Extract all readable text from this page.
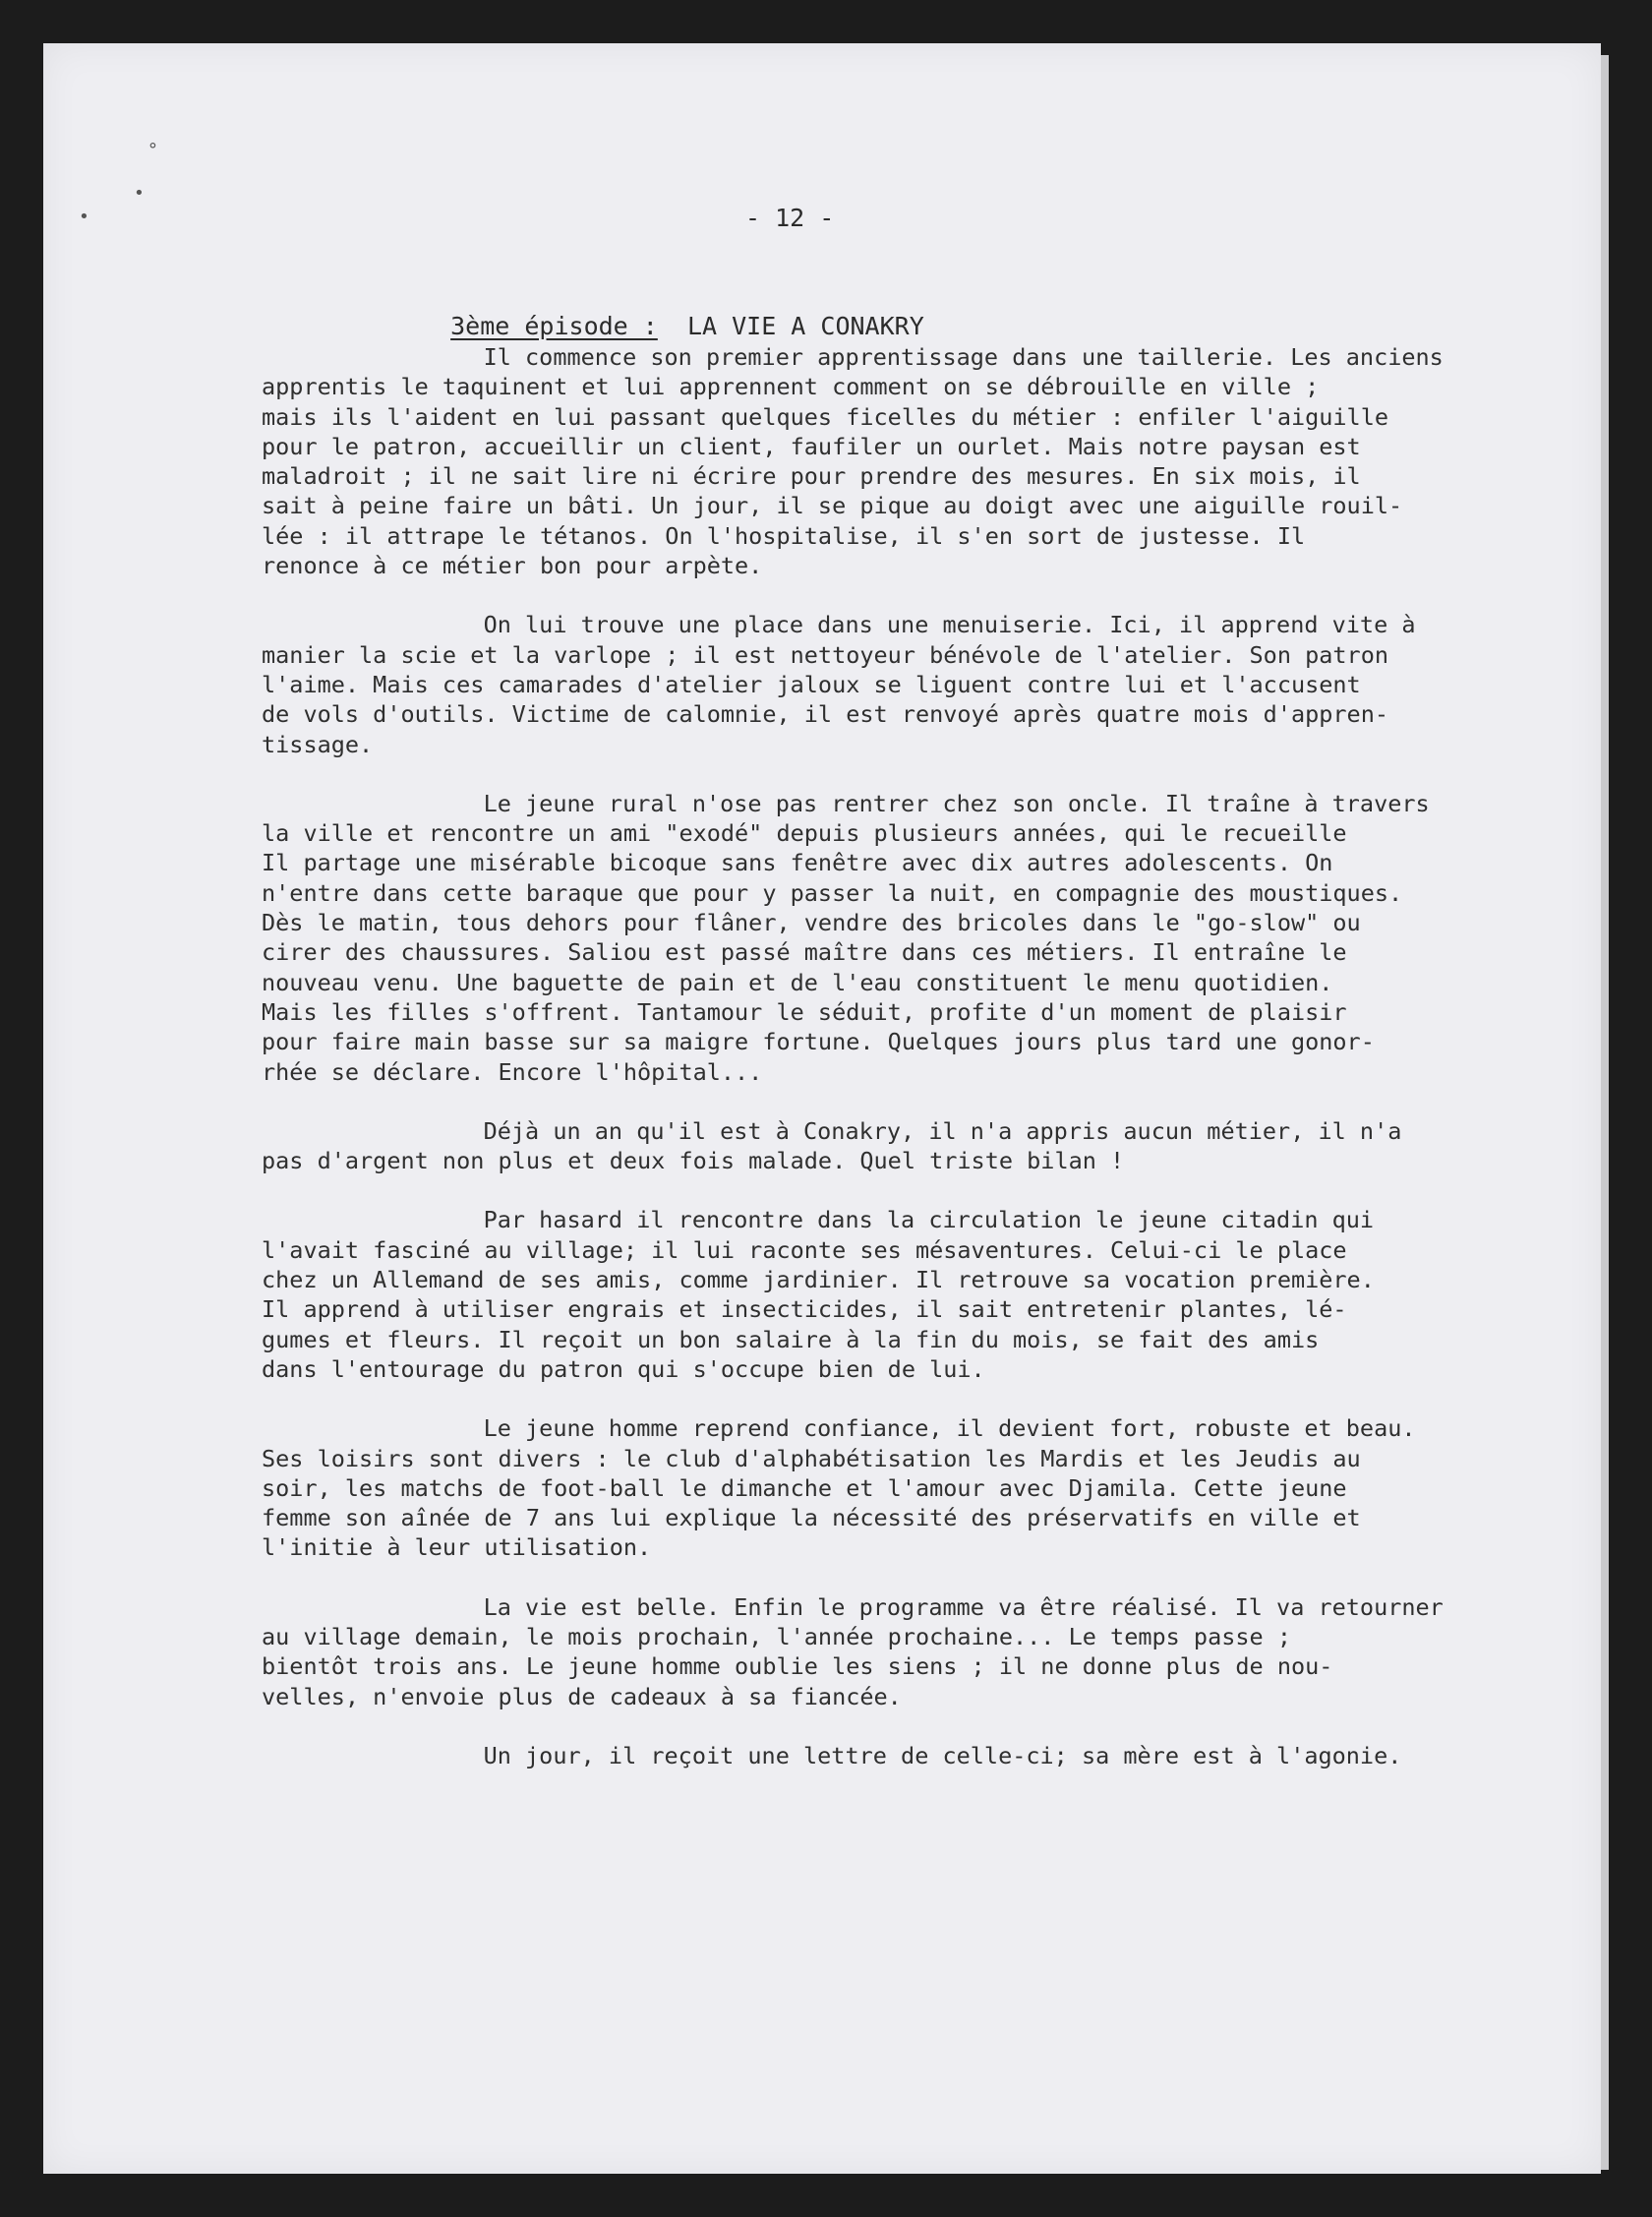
°
•
•	- 12 -

3ème épisode : LA VIE A CONAKRY

Il commence son premier apprentissage dans une taillerie. Les anciens
apprentis le taquinent et lui apprennent comment on se débrouille en ville ;
mais ils l'aident en lui passant quelques ficelles du métier : enfiler l'aiguille
pour le patron, accueillir un client, faufiler un ourlet. Mais notre paysan est
maladroit ; il ne sait lire ni écrire pour prendre des mesures. En six mois, il
sait à peine faire un bâti. Un jour, il se pique au doigt avec une aiguille rouil-
lée : il attrape le tétanos. On l'hospitalise, il s'en sort de justesse. Il
renonce à ce métier bon pour arpète.
On lui trouve une place dans une menuiserie. Ici, il apprend vite à
manier la scie et la varlope ; il est nettoyeur bénévole de l'atelier. Son patron
l'aime. Mais ces camarades d'atelier jaloux se liguent contre lui et l'accusent
de vols d'outils. Victime de calomnie, il est renvoyé après quatre mois d'appren-
tissage.
Le jeune rural n'ose pas rentrer chez son oncle. Il traîne à travers
la ville et rencontre un ami "exodé" depuis plusieurs années, qui le recueille
Il partage une misérable bicoque sans fenêtre avec dix autres adolescents. On
n'entre dans cette baraque que pour y passer la nuit, en compagnie des moustiques.
Dès le matin, tous dehors pour flâner, vendre des bricoles dans le "go-slow" ou
cirer des chaussures. Saliou est passé maître dans ces métiers. Il entraîne le
nouveau venu. Une baguette de pain et de l'eau constituent le menu quotidien.
Mais les filles s'offrent. Tantamour le séduit, profite d'un moment de plaisir
pour faire main basse sur sa maigre fortune. Quelques jours plus tard une gonor-
rhée se déclare. Encore l'hôpital...
Déjà un an qu'il est à Conakry, il n'a appris aucun métier, il n'a
pas d'argent non plus et deux fois malade. Quel triste bilan !
Par hasard il rencontre dans la circulation le jeune citadin qui
l'avait fasciné au village; il lui raconte ses mésaventures. Celui-ci le place
chez un Allemand de ses amis, comme jardinier. Il retrouve sa vocation première.
Il apprend à utiliser engrais et insecticides, il sait entretenir plantes, lé-
gumes et fleurs. Il reçoit un bon salaire à la fin du mois, se fait des amis
dans l'entourage du patron qui s'occupe bien de lui.
Le jeune homme reprend confiance, il devient fort, robuste et beau.
Ses loisirs sont divers : le club d'alphabétisation les Mardis et les Jeudis au
soir, les matchs de foot-ball le dimanche et l'amour avec Djamila. Cette jeune
femme son aînée de 7 ans lui explique la nécessité des préservatifs en ville et
l'initie à leur utilisation.
La vie est belle. Enfin le programme va être réalisé. Il va retourner
au village demain, le mois prochain, l'année prochaine... Le temps passe ;
bientôt trois ans. Le jeune homme oublie les siens ; il ne donne plus de nou-
velles, n'envoie plus de cadeaux à sa fiancée.
Un jour, il reçoit une lettre de celle-ci; sa mère est à l'agonie.
